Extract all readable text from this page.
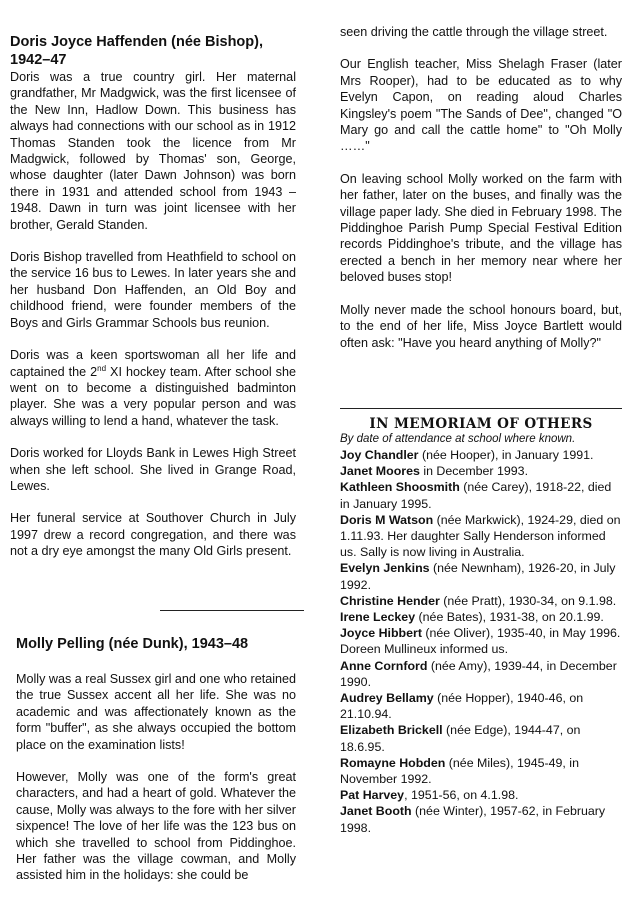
Doris Joyce Haffenden (née Bishop), 1942–47

Doris was a true country girl. Her maternal grandfather, Mr Madgwick, was the first licensee of the New Inn, Hadlow Down. This business has always had connections with our school as in 1912 Thomas Standen took the licence from Mr Madgwick, followed by Thomas' son, George, whose daughter (later Dawn Johnson) was born there in 1931 and attended school from 1943 – 1948. Dawn in turn was joint licensee with her brother, Gerald Standen.

Doris Bishop travelled from Heathfield to school on the service 16 bus to Lewes. In later years she and her husband Don Haffenden, an Old Boy and childhood friend, were founder members of the Boys and Girls Grammar Schools bus reunion.

Doris was a keen sportswoman all her life and captained the 2nd XI hockey team. After school she went on to become a distinguished badminton player. She was a very popular person and was always willing to lend a hand, whatever the task.

Doris worked for Lloyds Bank in Lewes High Street when she left school. She lived in Grange Road, Lewes.

Her funeral service at Southover Church in July 1997 drew a record congregation, and there was not a dry eye amongst the many Old Girls present.

Molly Pelling (née Dunk), 1943–48

Molly was a real Sussex girl and one who retained the true Sussex accent all her life. She was no academic and was affectionately known as the form "buffer", as she always occupied the bottom place on the examination lists!

However, Molly was one of the form's great characters, and had a heart of gold. Whatever the cause, Molly was always to the fore with her silver sixpence! The love of her life was the 123 bus on which she travelled to school from Piddinghoe. Her father was the village cowman, and Molly assisted him in the holidays: she could be

seen driving the cattle through the village street.

Our English teacher, Miss Shelagh Fraser (later Mrs Rooper), had to be educated as to why Evelyn Capon, on reading aloud Charles Kingsley's poem "The Sands of Dee", changed "O Mary go and call the cattle home" to "Oh Molly ……"

On leaving school Molly worked on the farm with her father, later on the buses, and finally was the village paper lady. She died in February 1998. The Piddinghoe Parish Pump Special Festival Edition records Piddinghoe's tribute, and the village has erected a bench in her memory near where her beloved buses stop!

Molly never made the school honours board, but, to the end of her life, Miss Joyce Bartlett would often ask: "Have you heard anything of Molly?"

IN MEMORIAM OF OTHERS

By date of attendance at school where known.

Joy Chandler (née Hooper), in January 1991.

Janet Moores in December 1993.

Kathleen Shoosmith (née Carey), 1918-22, died in January 1995.

Doris M Watson (née Markwick), 1924-29, died on 1.11.93. Her daughter Sally Henderson informed us. Sally is now living in Australia.

Evelyn Jenkins (née Newnham), 1926-20, in July 1992.

Christine Hender (née Pratt), 1930-34, on 9.1.98.

Irene Leckey (née Bates), 1931-38, on 20.1.99.

Joyce Hibbert (née Oliver), 1935-40, in May 1996. Doreen Mullineux informed us.

Anne Cornford (née Amy), 1939-44, in December 1990.

Audrey Bellamy (née Hopper), 1940-46, on 21.10.94.

Elizabeth Brickell (née Edge), 1944-47, on 18.6.95.

Romayne Hobden (née Miles), 1945-49, in November 1992.

Pat Harvey, 1951-56, on 4.1.98.

Janet Booth (née Winter), 1957-62, in February 1998.
